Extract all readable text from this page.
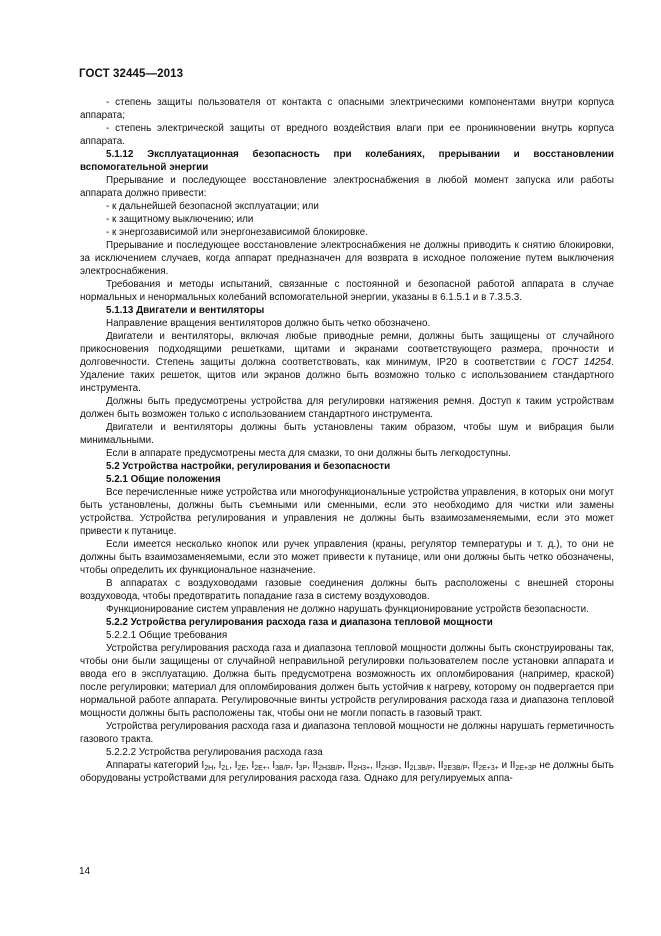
ГОСТ 32445—2013

- степень защиты пользователя от контакта с опасными электрическими компонентами внутри корпуса аппарата;

- степень электрической защиты от вредного воздействия влаги при ее проникновении внутрь корпуса аппарата.

5.1.12 Эксплуатационная безопасность при колебаниях, прерывании и восстановлении вспомогательной энергии

Прерывание и последующее восстановление электроснабжения в любой момент запуска или работы аппарата должно привести:

- к дальнейшей безопасной эксплуатации; или

- к защитному выключению; или

- к энергозависимой или энергонезависимой блокировке.

Прерывание и последующее восстановление электроснабжения не должны приводить к снятию блокировки, за исключением случаев, когда аппарат предназначен для возврата в исходное положение путем выключения электроснабжения.

Требования и методы испытаний, связанные с постоянной и безопасной работой аппарата в случае нормальных и ненормальных колебаний вспомогательной энергии, указаны в 6.1.5.1 и в 7.3.5.3.

5.1.13 Двигатели и вентиляторы

Направление вращения вентиляторов должно быть четко обозначено.

Двигатели и вентиляторы, включая любые приводные ремни, должны быть защищены от случайного прикосновения подходящими решетками, щитами и экранами соответствующего размера, прочности и долговечности. Степень защиты должна соответствовать, как минимум, IP20 в соответствии с ГОСТ 14254. Удаление таких решеток, щитов или экранов должно быть возможно только с использованием стандартного инструмента.

Должны быть предусмотрены устройства для регулировки натяжения ремня. Доступ к таким устройствам должен быть возможен только с использованием стандартного инструмента.

Двигатели и вентиляторы должны быть установлены таким образом, чтобы шум и вибрация были минимальными.

Если в аппарате предусмотрены места для смазки, то они должны быть легкодоступны.

5.2 Устройства настройки, регулирования и безопасности

5.2.1 Общие положения

Все перечисленные ниже устройства или многофункциональные устройства управления, в которых они могут быть установлены, должны быть съемными или сменными, если это необходимо для чистки или замены устройства. Устройства регулирования и управления не должны быть взаимозаменяемыми, если это может привести к путанице.

Если имеется несколько кнопок или ручек управления (краны, регулятор температуры и т. д.), то они не должны быть взаимозаменяемыми, если это может привести к путанице, или они должны быть четко обозначены, чтобы определить их функциональное назначение.

В аппаратах с воздуховодами газовые соединения должны быть расположены с внешней стороны воздуховода, чтобы предотвратить попадание газа в систему воздуховодов.

Функционирование систем управления не должно нарушать функционирование устройств безопасности.

5.2.2 Устройства регулирования расхода газа и диапазона тепловой мощности

5.2.2.1 Общие требования

Устройства регулирования расхода газа и диапазона тепловой мощности должны быть сконструированы так, чтобы они были защищены от случайной неправильной регулировки пользователем после установки аппарата и ввода его в эксплуатацию. Должна быть предусмотрена возможность их опломбирования (например, краской) после регулировки; материал для опломбирования должен быть устойчив к нагреву, которому он подвергается при нормальной работе аппарата. Регулировочные винты устройств регулирования расхода газа и диапазона тепловой мощности должны быть расположены так, чтобы они не могли попасть в газовый тракт.

Устройства регулирования расхода газа и диапазона тепловой мощности не должны нарушать герметичность газового тракта.

5.2.2.2 Устройства регулирования расхода газа

Аппараты категорий $I_{2H}$, $I_{2L}$, $I_{2E}$, $I_{2E+}$, $I_{3B/P}$, $I_{3P}$, $II_{2H3B/P}$, $II_{2H3+}$, $II_{2H3P}$, $II_{2L3B/P}$, $II_{2E3B/P}$, $II_{2E+3+}$ и $II_{2E+3P}$ не должны быть оборудованы устройствами для регулирования расхода газа. Однако для регулируемых аппа-

14
